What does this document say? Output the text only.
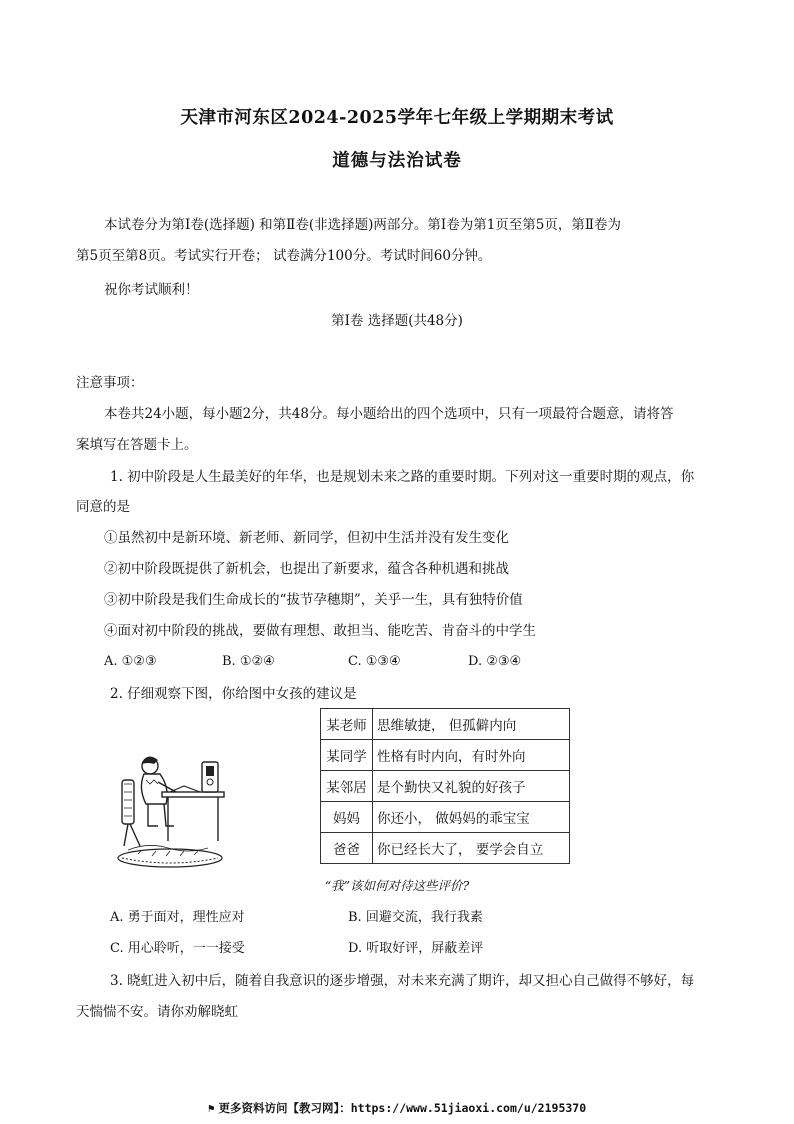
天津市河东区2024-2025学年七年级上学期期末考试
道德与法治试卷
本试卷分为第Ⅰ卷(选择题) 和第Ⅱ卷(非选择题)两部分。第Ⅰ卷为第1页至第5页，第Ⅱ卷为
第5页至第8页。考试实行开卷； 试卷满分100分。考试时间60分钟。
祝你考试顺利！
第Ⅰ卷 选择题(共48分)
注意事项：
本卷共24小题，每小题2分，共48分。每小题给出的四个选项中，只有一项最符合题意，请将答
案填写在答题卡上。
1. 初中阶段是人生最美好的年华，也是规划未来之路的重要时期。下列对这一重要时期的观点，你
同意的是
①虽然初中是新环境、新老师、新同学，但初中生活并没有发生变化
②初中阶段既提供了新机会，也提出了新要求，蕴含各种机遇和挑战
③初中阶段是我们生命成长的“拔节孕穗期”，关乎一生，具有独特价值
④面对初中阶段的挑战，要做有理想、敢担当、能吃苦、肯奋斗的中学生
A. ①②③	B. ①②④	C. ①③④	D. ②③④
2. 仔细观察下图，你给图中女孩的建议是
某老师	思维敏捷， 但孤僻内向
某同学	性格有时内向，有时外向
某邻居	是个勤快又礼貌的好孩子
妈妈	你还小， 做妈妈的乖宝宝
爸爸	你已经长大了， 要学会自立
“我”该如何对待这些评价?
A. 勇于面对，理性应对	B. 回避交流，我行我素
C. 用心聆听，一一接受	D. 听取好评，屏蔽差评
3. 晓虹进入初中后，随着自我意识的逐步增强，对未来充满了期许，却又担心自己做得不够好，每
天惴惴不安。请你劝解晓虹
⚑ 更多资料访问【教习网】：https://www.51jiaoxi.com/u/2195370
